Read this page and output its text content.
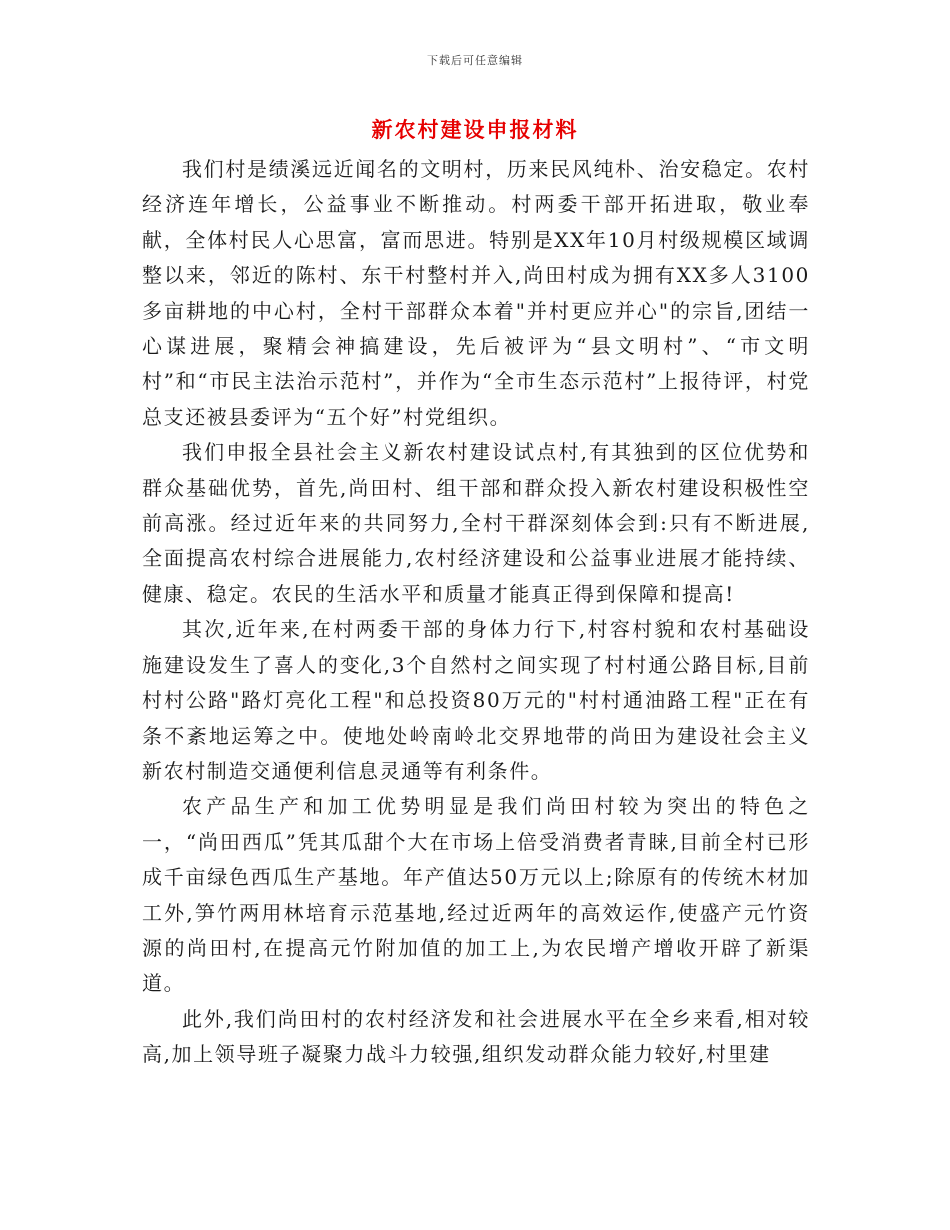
下载后可任意编辑
新农村建设申报材料

我们村是绩溪远近闻名的文明村，历来民风纯朴、治安稳定。农村经济连年增长，公益事业不断推动。村两委干部开拓进取，敬业奉献，全体村民人心思富，富而思进。特别是XX年10月村级规模区域调整以来，邻近的陈村、东干村整村并入,尚田村成为拥有XX多人3100多亩耕地的中心村，全村干部群众本着"并村更应并心"的宗旨,团结一心谋进展，聚精会神搞建设，先后被评为“县文明村”、“市文明村”和“市民主法治示范村”，并作为“全市生态示范村”上报待评，村党总支还被县委评为“五个好”村党组织。

我们申报全县社会主义新农村建设试点村,有其独到的区位优势和群众基础优势，首先,尚田村、组干部和群众投入新农村建设积极性空前高涨。经过近年来的共同努力,全村干群深刻体会到:只有不断进展,全面提高农村综合进展能力,农村经济建设和公益事业进展才能持续、健康、稳定。农民的生活水平和质量才能真正得到保障和提高!

其次,近年来,在村两委干部的身体力行下,村容村貌和农村基础设施建设发生了喜人的变化,3个自然村之间实现了村村通公路目标,目前村村公路"路灯亮化工程"和总投资80万元的"村村通油路工程"正在有条不紊地运筹之中。使地处岭南岭北交界地带的尚田为建设社会主义新农村制造交通便利信息灵通等有利条件。

农产品生产和加工优势明显是我们尚田村较为突出的特色之一，“尚田西瓜”凭其瓜甜个大在市场上倍受消费者青睐,目前全村已形成千亩绿色西瓜生产基地。年产值达50万元以上;除原有的传统木材加工外,笋竹两用林培育示范基地,经过近两年的高效运作,使盛产元竹资源的尚田村,在提高元竹附加值的加工上,为农民增产增收开辟了新渠道。

此外,我们尚田村的农村经济发和社会进展水平在全乡来看,相对较高,加上领导班子凝聚力战斗力较强,组织发动群众能力较好,村里建
